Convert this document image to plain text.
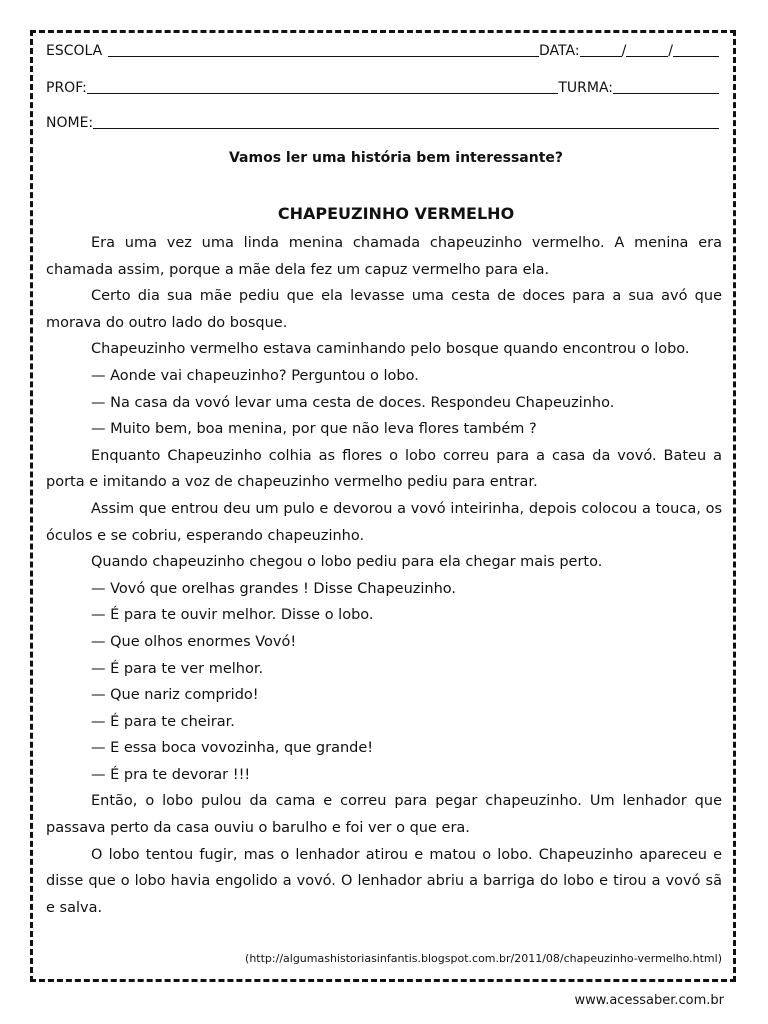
ESCOLA	DATA:	/	/
PROF:	TURMA:
NOME:
Vamos ler uma história bem interessante?
CHAPEUZINHO VERMELHO

Era uma vez uma linda menina chamada chapeuzinho vermelho. A menina era chamada assim, porque a mãe dela fez um capuz vermelho para ela.

Certo dia sua mãe pediu que ela levasse uma cesta de doces para a sua avó que morava do outro lado do bosque.

Chapeuzinho vermelho estava caminhando pelo bosque quando encontrou o lobo.

— Aonde vai chapeuzinho? Perguntou o lobo.

— Na casa da vovó levar uma cesta de doces. Respondeu Chapeuzinho.

— Muito bem, boa menina, por que não leva flores também ?

Enquanto Chapeuzinho colhia as flores o lobo correu para a casa da vovó. Bateu a porta e imitando a voz de chapeuzinho vermelho pediu para entrar.

Assim que entrou deu um pulo e devorou a vovó inteirinha, depois colocou a touca, os óculos e se cobriu, esperando chapeuzinho.

Quando chapeuzinho chegou o lobo pediu para ela chegar mais perto.

— Vovó que orelhas grandes ! Disse Chapeuzinho.

— É para te ouvir melhor. Disse o lobo.

— Que olhos enormes Vovó!

— É para te ver melhor.

— Que nariz comprido!

— É para te cheirar.

— E essa boca vovozinha, que grande!

— É pra te devorar !!!

Então, o lobo pulou da cama e correu para pegar chapeuzinho. Um lenhador que passava perto da casa ouviu o barulho e foi ver o que era.

O lobo tentou fugir, mas o lenhador atirou e matou o lobo. Chapeuzinho apareceu e disse que o lobo havia engolido a vovó. O lenhador abriu a barriga do lobo e tirou a vovó sã e salva.

(http://algumashistoriasinfantis.blogspot.com.br/2011/08/chapeuzinho-vermelho.html)
www.acessaber.com.br
